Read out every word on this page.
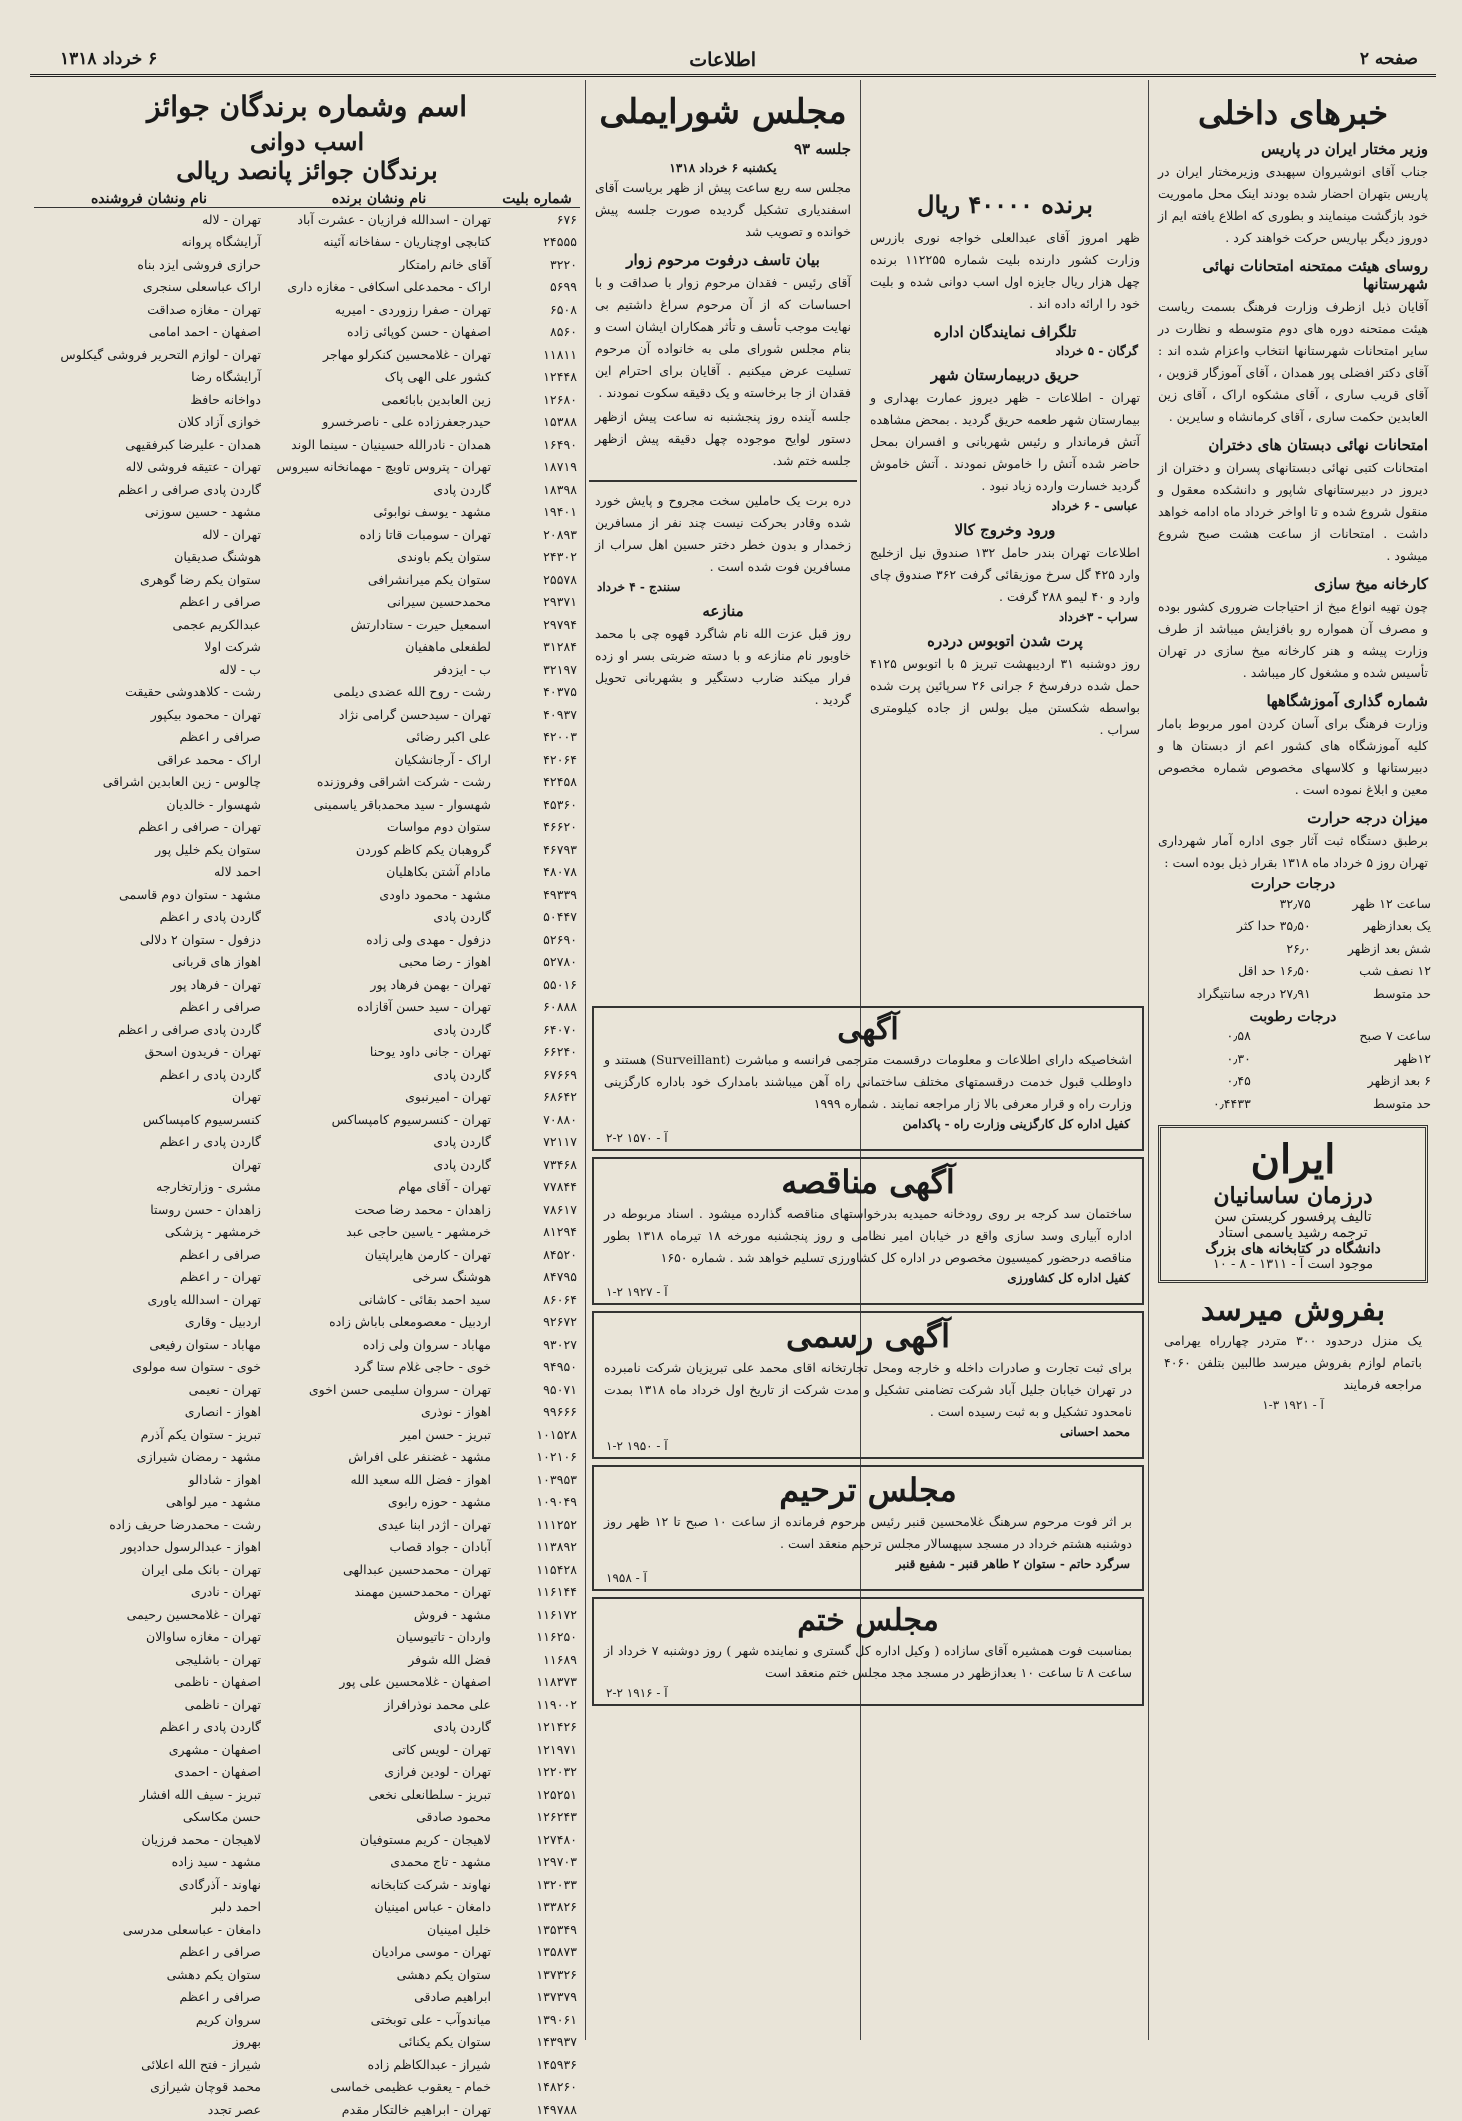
صفحه ۲
اطلاعات
۶ خرداد ۱۳۱۸
خبرهای داخلی
وزیر مختار ایران در پاریس
جناب آقای انوشیروان سپهبدی وزیرمختار ایران در پاریس بتهران احضار شده بودند اینک محل ماموریت خود بازگشت مینمایند و بطوری که اطلاع یافته ایم از دوروز دیگر بپاریس حرکت خواهند کرد .
روسای هیئت ممتحنه امتحانات نهائی شهرستانها
آقایان ذیل ازطرف وزارت فرهنگ بسمت ریاست هیئت ممتحنه دوره های دوم متوسطه و نظارت در سایر امتحانات شهرستانها انتخاب واعزام شده اند : آقای دکتر افضلی پور همدان ، آقای آموزگار قزوین ، آقای قریب ساری ، آقای مشکوه اراک ، آقای زین العابدین حکمت ساری ، آقای کرمانشاه و سایرین .
امتحانات نهائی دبستان های دختران
امتحانات کتبی نهائی دبستانهای پسران و دختران از دیروز در دبیرستانهای شاپور و دانشکده معقول و منقول شروع شده و تا اواخر خرداد ماه ادامه خواهد داشت . امتحانات از ساعت هشت صبح شروع میشود .
کارخانه میخ سازی
چون تهیه انواع میخ از احتیاجات ضروری کشور بوده و مصرف آن همواره رو بافزایش میباشد از طرف وزارت پیشه و هنر کارخانه میخ سازی در تهران تأسیس شده و مشغول کار میباشد .
شماره گذاری آموزشگاهها
وزارت فرهنگ برای آسان کردن امور مربوط بامار کلیه آموزشگاه های کشور اعم از دبستان ها و دبیرستانها و کلاسهای مخصوص شماره مخصوص معین و ابلاغ نموده است .
میزان درجه حرارت
برطبق دستگاه ثبت آثار جوی اداره آمار شهرداری تهران روز ۵ خرداد ماه ۱۳۱۸ بقرار ذیل بوده است :
درجات حرارت
ساعت ۱۲ ظهر	۳۲٫۷۵
یک بعدازظهر	۳۵٫۵۰ حدا کثر
شش بعد ازظهر	۲۶٫۰
۱۲ نصف شب	۱۶٫۵۰ حد اقل
حد متوسط	۲۷٫۹۱ درجه سانتیگراد
درجات رطوبت
ساعت ۷ صبح	۰٫۵۸
۱۲ظهر	۰٫۳۰
۶ بعد ازظهر	۰٫۴۵
حد متوسط	۰٫۴۴۳۳
ایران
درزمان ساسانیان
تالیف پرفسور کریستن سن
ترجمه رشید یاسمی استاد
دانشگاه در کتابخانه های بزرگ
موجود است آ - ۱۳۱۱ - ۸ - ۱۰
بفروش میرسد
یک منزل درحدود ۳۰۰ متردر چهارراه یهرامی باتمام لوازم بفروش میرسد طالبین بتلفن ۴۰۶۰ مراجعه فرمایند
آ - ۱۹۲۱ ۳-۱
برنده ۴۰۰۰۰ ریال
ظهر امروز آقای عبدالعلی خواجه نوری بازرس وزارت کشور دارنده بلیت شماره ۱۱۲۲۵۵ برنده چهل هزار ریال جایزه اول اسب دوانی شده و بلیت خود را ارائه داده اند .
تلگراف نمایندگان اداره
گرگان - ۵ خرداد
حریق دربیمارستان شهر
تهران - اطلاعات - ظهر دیروز عمارت بهداری و بیمارستان شهر طعمه حریق گردید . بمحض مشاهده آتش فرماندار و رئیس شهربانی و افسران بمحل حاضر شده آتش را خاموش نمودند . آتش خاموش گردید خسارت وارده زیاد نبود .
عباسی - ۶ خرداد
ورود وخروج کالا
اطلاعات تهران بندر حامل ۱۳۲ صندوق نیل ازخلیج وارد ۴۲۵ گل سرخ موزیقائی گرفت ۳۶۲ صندوق چای وارد و ۴۰ لیمو ۲۸۸ گرفت .
سراب - ۳خرداد
پرت شدن اتوبوس دردره
روز دوشنبه ۳۱ اردیبهشت تبریز ۵ با اتوبوس ۴۱۲۵ حمل شده درفرسخ ۶ جرانی ۲۶ سرپائین پرت شده بواسطه شکستن میل بولس از جاده کیلومتری سراب .
مجلس شورایملی
جلسه ۹۳
یکشنبه ۶ خرداد ۱۳۱۸
مجلس سه ربع ساعت پیش از ظهر بریاست آقای اسفندیاری تشکیل گردیده صورت جلسه پیش خوانده و تصویب شد
بیان تاسف درفوت مرحوم زوار
آقای رئیس - فقدان مرحوم زوار با صداقت و با احساسات که از آن مرحوم سراغ داشتیم بی نهایت موجب تأسف و تأثر همکاران ایشان است و بنام مجلس شورای ملی به خانواده آن مرحوم تسلیت عرض میکنیم . آقایان برای احترام این فقدان از جا برخاسته و یک دقیقه سکوت نمودند .
جلسه آینده روز پنجشنبه نه ساعت پیش ازظهر دستور لوایح موجوده چهل دقیقه پیش ازظهر جلسه ختم شد.
دره برت یک حاملین سخت مجروح و پایش خورد شده وقادر بحرکت نیست چند نفر از مسافرین زخمدار و بدون خطر دختر حسین اهل سراب از مسافرین فوت شده است .
سنندج - ۴ خرداد
منازعه
روز قبل عزت الله نام شاگرد قهوه چی با محمد خاوبور نام منازعه و با دسته ضربتی بسر او زده فرار میکند ضارب دستگیر و بشهربانی تحویل گردید .
آگهی
اشخاصیکه دارای اطلاعات و معلومات درقسمت مترجمی فرانسه و مباشرت (Surveillant) هستند و داوطلب قبول خدمت درقسمتهای مختلف ساختمانی راه آهن میباشند بامدارک خود باداره کارگزینی وزارت راه و قرار معرفی بالا زار مراجعه نمایند . شماره ۱۹۹۹
کفیل اداره کل کارگزینی وزارت راه - پاکدامن
آ - ۱۵۷۰ ۲-۲
آگهی مناقصه
ساختمان سد کرجه بر روی رودخانه حمیدیه بدرخواستهای مناقصه گذارده میشود . اسناد مربوطه در اداره آبیاری وسد سازی واقع در خیابان امیر نظامی و روز پنجشنبه مورخه ۱۸ تیرماه ۱۳۱۸ بطور مناقصه درحضور کمیسیون مخصوص در اداره کل کشاورزی تسلیم خواهد شد . شماره ۱۶۵۰
کفیل اداره کل کشاورزی
آ - ۱۹۲۷ ۲-۱
آگهی رسمی
برای ثبت تجارت و صادرات داخله و خارجه ومحل تجارتخانه اقای محمد علی تبریزیان شرکت نامبرده در تهران خیابان جلیل آباد شرکت تضامنی تشکیل و مدت شرکت از تاریخ اول خرداد ماه ۱۳۱۸ بمدت نامحدود تشکیل و به ثبت رسیده است .
محمد احسانی
آ - ۱۹۵۰ ۲-۱
مجلس ترحیم
بر اثر فوت مرحوم سرهنگ غلامحسین قنبر رئیس مرحوم فرمانده از ساعت ۱۰ صبح تا ۱۲ ظهر روز دوشنبه هشتم خرداد در مسجد سپهسالار مجلس ترحیم منعقد است .
سرگرد حاتم - ستوان ۲ طاهر قنبر - شفیع قنبر
آ - ۱۹۵۸
مجلس ختم
بمناسبت فوت همشیره آقای سازاده ( وکیل اداره کل گستری و نماینده شهر ) روز دوشنبه ۷ خرداد از ساعت ۸ تا ساعت ۱۰ بعدازظهر در مسجد مجد مجلس ختم منعقد است
آ - ۱۹۱۶ ۲-۲
اسم وشماره برندگان جوائز
اسب دوانی
برندگان جوائز پانصد ریالی
شماره بلیت	نام ونشان برنده	نام ونشان فروشنده
۶۷۶	تهران - اسدالله فرازیان - عشرت آباد	تهران - لاله
۲۴۵۵۵	کتابچی اوچناریان - سفاخانه آئینه	آرایشگاه پروانه
۳۲۲۰	آقای خانم رامتکار	حرازی فروشی ایزد بناه
۵۶۹۹	اراک - محمدعلی اسکافی - مغازه داری	اراک عباسعلی سنجری
۶۵۰۸	تهران - صفرا رزوردی - امیریه	تهران - مغازه صداقت
۸۵۶۰	اصفهان - حسن کوپائی زاده	اصفهان - احمد امامی
۱۱۸۱۱	تهران - غلامحسین کنکرلو مهاجر	تهران - لوازم التحریر فروشی گیکلوس
۱۲۴۴۸	کشور علی الهی پاک	آرایشگاه رضا
۱۲۶۸۰	زین العابدین بابائعمی	دواخانه حافظ
۱۵۳۸۸	حیدرجعفرزاده علی - ناصرخسرو	خوازی آزاد کلان
۱۶۴۹۰	همدان - نادرالله حسینیان - سینما الوند	همدان - علیرضا کبرفقیهی
۱۸۷۱۹	تهران - پتروس تاویچ - مهمانخانه سیروس	تهران - عتیقه فروشی لاله
۱۸۳۹۸	گاردن پادی	گاردن پادی صرافی ر اعظم
۱۹۴۰۱	مشهد - یوسف نوابوئی	مشهد - حسین سوزنی
۲۰۸۹۳	تهران - سومبات قاتا زاده	تهران - لاله
۲۴۳۰۲	ستوان یکم باوندی	هوشنگ صدیقیان
۲۵۵۷۸	ستوان یکم میرانشرافی	ستوان یکم رضا گوهری
۲۹۳۷۱	محمدحسین سیرانی	صرافی ر اعظم
۲۹۷۹۴	اسمعیل حیرت - ستادارتش	عبدالکریم عجمی
۳۱۲۸۴	لطفعلی ماهفیان	شرکت اولا
۳۲۱۹۷	ب - ایزدفر	ب - لاله
۴۰۳۷۵	رشت - روح الله عضدی دیلمی	رشت - کلاهدوشی حقیقت
۴۰۹۳۷	تهران - سیدحسن گرامی نژاد	تهران - محمود بیکپور
۴۲۰۰۳	علی اکبر رضائی	صرافی ر اعظم
۴۲۰۶۴	اراک - آرجانشکیان	اراک - محمد عراقی
۴۲۴۵۸	رشت - شرکت اشراقی وفروزنده	چالوس - زین العابدین اشراقی
۴۵۳۶۰	شهسوار - سید محمدباقر یاسمینی	شهسوار - خالدیان
۴۶۶۲۰	ستوان دوم مواسات	تهران - صرافی ر اعظم
۴۶۷۹۳	گروهبان یکم کاظم کوردن	ستوان یکم خلیل پور
۴۸۰۷۸	مادام آشتن بکاهلیان	احمد لاله
۴۹۳۳۹	مشهد - محمود داودی	مشهد - ستوان دوم قاسمی
۵۰۴۴۷	گاردن پادی	گاردن پادی ر اعظم
۵۲۶۹۰	دزفول - مهدی ولی زاده	دزفول - ستوان ۲ دلالی
۵۲۷۸۰	اهواز - رضا محبی	اهواز های قربانی
۵۵۰۱۶	تهران - بهمن فرهاد پور	تهران - فرهاد پور
۶۰۸۸۸	تهران - سید حسن آقازاده	صرافی ر اعظم
۶۴۰۷۰	گاردن پادی	گاردن پادی صرافی ر اعظم
۶۶۲۴۰	تهران - جانی داود یوحنا	تهران - فریدون اسحق
۶۷۶۶۹	گاردن پادی	گاردن پادی ر اعظم
۶۸۶۴۲	تهران - امیرنبوی	تهران
۷۰۸۸۰	تهران - کنسرسیوم کامپساکس	کنسرسیوم کامپساکس
۷۲۱۱۷	گاردن پادی	گاردن پادی ر اعظم
۷۳۴۶۸	گاردن پادی	تهران
۷۷۸۴۴	تهران - آقای مهام	مشری - وزارتخارجه
۷۸۶۱۷	زاهدان - محمد رضا صحت	زاهدان - حسن روستا
۸۱۲۹۴	خرمشهر - یاسین حاجی عبد	خرمشهر - پزشکی
۸۴۵۲۰	تهران - کارمن هایراپتیان	صرافی ر اعظم
۸۴۷۹۵	هوشنگ سرخی	تهران - ر اعظم
۸۶۰۶۴	سید احمد بقائی - کاشانی	تهران - اسدالله یاوری
۹۲۶۷۲	اردبیل - معصومعلی باباش زاده	اردبیل - وقاری
۹۳۰۲۷	مهاباد - سروان ولی زاده	مهاباد - ستوان رفیعی
۹۴۹۵۰	خوی - حاجی غلام ستا گرد	خوی - ستوان سه مولوی
۹۵۰۷۱	تهران - سروان سلیمی حسن اخوی	تهران - نعیمی
۹۹۶۶۶	اهواز - نوذری	اهواز - انصاری
۱۰۱۵۲۸	تبریز - حسن امیر	تبریز - ستوان یکم آذرم
۱۰۲۱۰۶	مشهد - غضنفر علی افراش	مشهد - رمضان شیرازی
۱۰۳۹۵۳	اهواز - فضل الله سعید الله	اهواز - شادالو
۱۰۹۰۴۹	مشهد - حوزه رابوی	مشهد - میر لواهی
۱۱۱۲۵۲	تهران - اژدر ابنا عیدی	رشت - محمدرضا حریف زاده
۱۱۳۸۹۲	آبادان - جواد قصاب	اهواز - عبدالرسول حدادپور
۱۱۵۴۲۸	تهران - محمدحسین عبدالهی	تهران - بانک ملی ایران
۱۱۶۱۴۴	تهران - محمدحسین مهمند	تهران - نادری
۱۱۶۱۷۲	مشهد - فروش	تهران - غلامحسین رحیمی
۱۱۶۲۵۰	واردان - تاتیوسیان	تهران - مغازه ساوالان
۱۱۶۸۹	فضل الله شوفر	تهران - باشلیجی
۱۱۸۳۷۳	اصفهان - غلامحسین علی پور	اصفهان - ناظمی
۱۱۹۰۰۲	علی محمد نوذرافراز	تهران - ناظمی
۱۲۱۴۲۶	گاردن پادی	گاردن پادی ر اعظم
۱۲۱۹۷۱	تهران - لویس کاتی	اصفهان - مشهری
۱۲۲۰۳۲	تهران - لودین فرازی	اصفهان - احمدی
۱۲۵۲۵۱	تبریز - سلطانعلی نخعی	تبریز - سیف الله افشار
۱۲۶۲۴۳	محمود صادقی	حسن مکاسکی
۱۲۷۴۸۰	لاهیجان - کریم مستوفیان	لاهیجان - محمد فرزیان
۱۲۹۷۰۳	مشهد - تاج محمدی	مشهد - سید زاده
۱۳۲۰۳۳	نهاوند - شرکت کتابخانه	نهاوند - آذرگادی
۱۳۳۸۲۶	دامغان - عباس امینیان	احمد دلبر
۱۳۵۳۴۹	خلیل امینیان	دامغان - عباسعلی مدرسی
۱۳۵۸۷۳	تهران - موسی مرادیان	صرافی ر اعظم
۱۳۷۳۲۶	ستوان یکم دهشی	ستوان یکم دهشی
۱۳۷۳۷۹	ابراهیم صادقی	صرافی ر اعظم
۱۳۹۰۶۱	میاندوآب - علی توبختی	سروان کریم
۱۴۳۹۳۷	ستوان یکم یکنائی	بهروز
۱۴۵۹۳۶	شیراز - عبدالکاظم زاده	شیراز - فتح الله اعلائی
۱۴۸۲۶۰	خمام - یعقوب عظیمی خماسی	محمد قوچان شیرازی
۱۴۹۷۸۸	تهران - ابراهیم خالتکار مقدم	عصر تجدد
